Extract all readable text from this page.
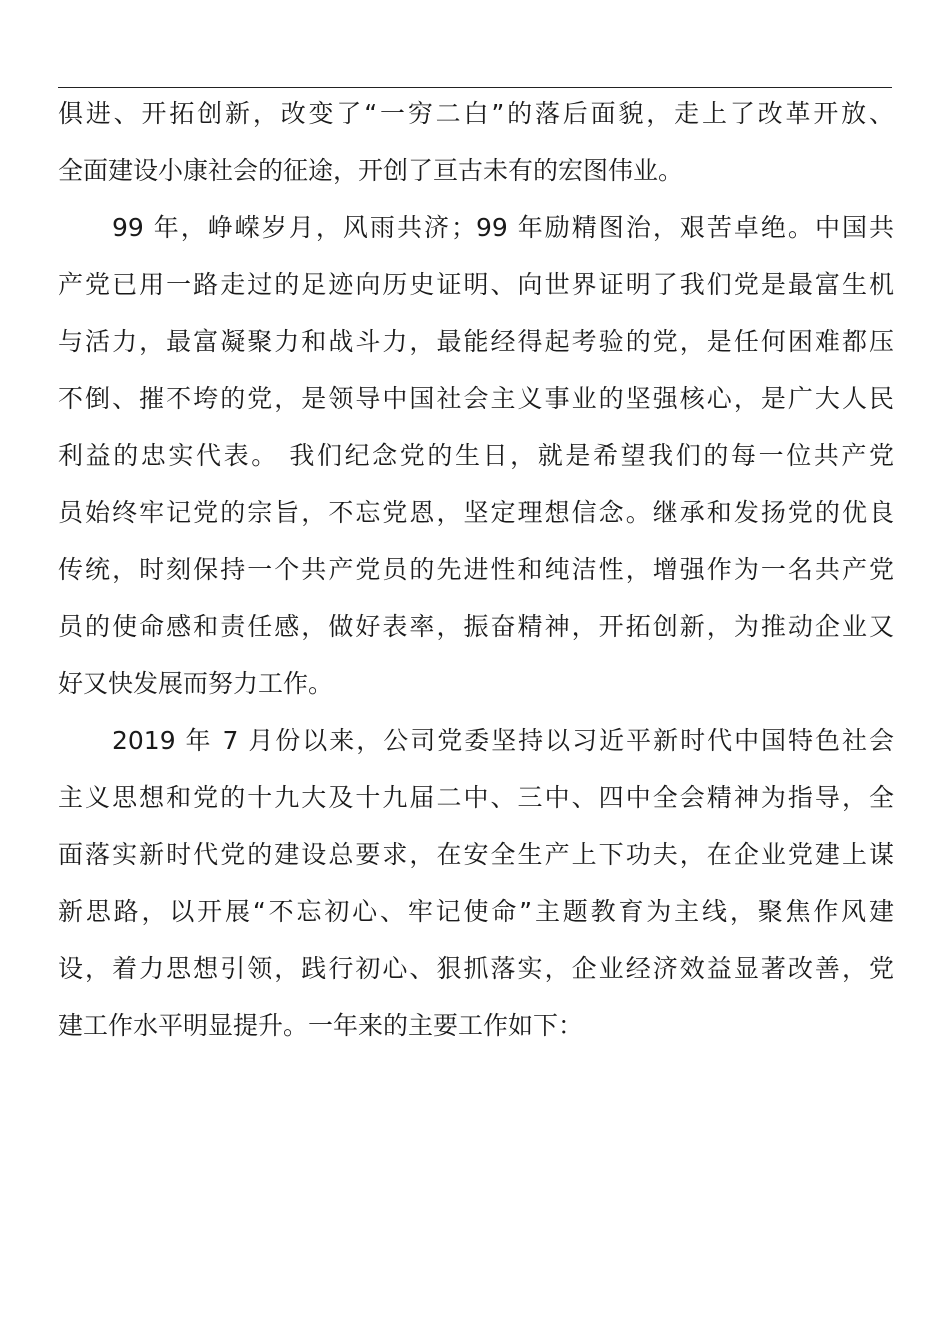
俱进、开拓创新，改变了“一穷二白”的落后面貌，走上了改革开放、
全面建设小康社会的征途，开创了亘古未有的宏图伟业。
99 年，峥嵘岁月，风雨共济；99 年励精图治，艰苦卓绝。中国共
产党已用一路走过的足迹向历史证明、向世界证明了我们党是最富生机
与活力，最富凝聚力和战斗力，最能经得起考验的党，是任何困难都压
不倒、摧不垮的党，是领导中国社会主义事业的坚强核心，是广大人民
利益的忠实代表。 我们纪念党的生日，就是希望我们的每一位共产党
员始终牢记党的宗旨，不忘党恩，坚定理想信念。继承和发扬党的优良
传统，时刻保持一个共产党员的先进性和纯洁性，增强作为一名共产党
员的使命感和责任感，做好表率，振奋精神，开拓创新，为推动企业又
好又快发展而努力工作。
2019 年 7 月份以来，公司党委坚持以习近平新时代中国特色社会
主义思想和党的十九大及十九届二中、三中、四中全会精神为指导，全
面落实新时代党的建设总要求，在安全生产上下功夫，在企业党建上谋
新思路，以开展“不忘初心、牢记使命”主题教育为主线，聚焦作风建
设，着力思想引领，践行初心、狠抓落实，企业经济效益显著改善，党
建工作水平明显提升。一年来的主要工作如下：
